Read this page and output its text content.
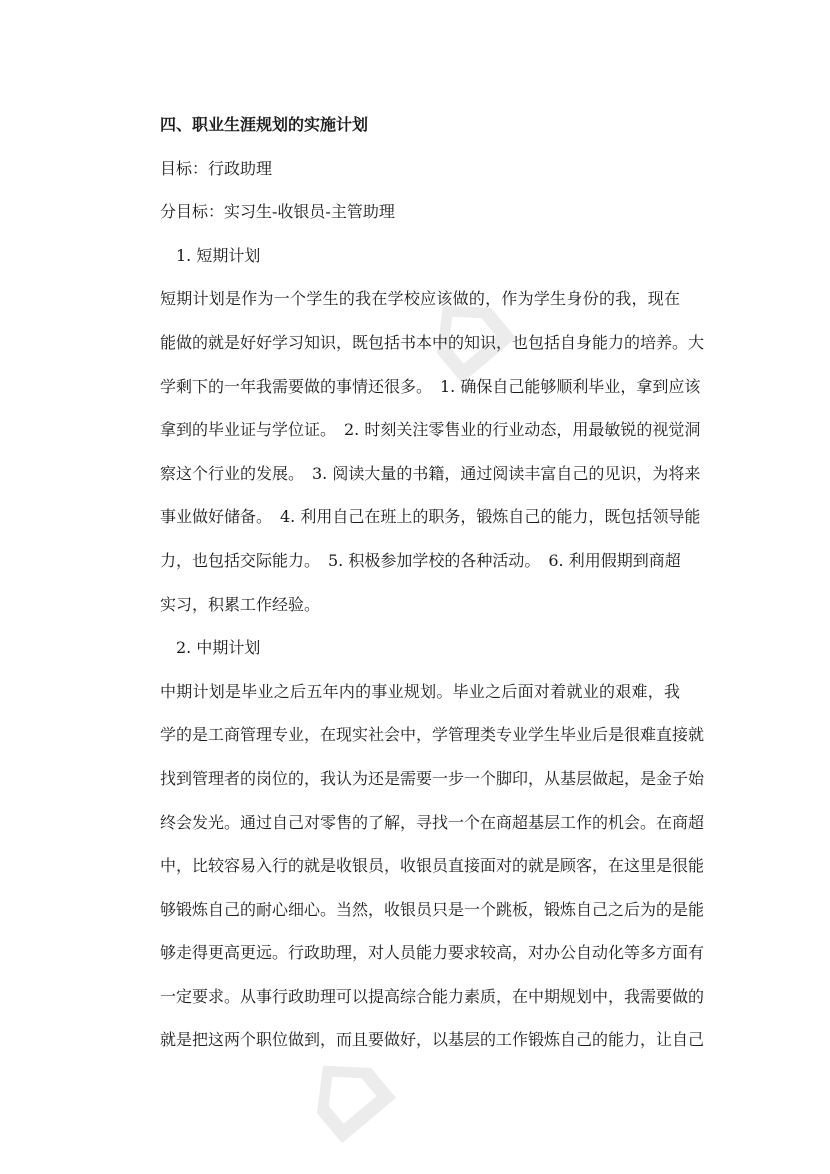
⌂
⌂
四、职业生涯规划的实施计划
目标：行政助理
分目标：实习生-收银员-主管助理
1. 短期计划
短期计划是作为一个学生的我在学校应该做的，作为学生身份的我，现在
能做的就是好好学习知识，既包括书本中的知识，也包括自身能力的培养。大
学剩下的一年我需要做的事情还很多。　1. 确保自己能够顺利毕业，拿到应该
拿到的毕业证与学位证。　2. 时刻关注零售业的行业动态，用最敏锐的视觉洞
察这个行业的发展。　3. 阅读大量的书籍，通过阅读丰富自己的见识，为将来
事业做好储备。　4. 利用自己在班上的职务，锻炼自己的能力，既包括领导能
力，也包括交际能力。　5. 积极参加学校的各种活动。　6. 利用假期到商超
实习，积累工作经验。
2. 中期计划
中期计划是毕业之后五年内的事业规划。毕业之后面对着就业的艰难，我
学的是工商管理专业，在现实社会中，学管理类专业学生毕业后是很难直接就
找到管理者的岗位的，我认为还是需要一步一个脚印，从基层做起，是金子始
终会发光。通过自己对零售的了解，寻找一个在商超基层工作的机会。在商超
中，比较容易入行的就是收银员，收银员直接面对的就是顾客，在这里是很能
够锻炼自己的耐心细心。当然，收银员只是一个跳板，锻炼自己之后为的是能
够走得更高更远。行政助理，对人员能力要求较高，对办公自动化等多方面有
一定要求。从事行政助理可以提高综合能力素质，在中期规划中，我需要做的
就是把这两个职位做到，而且要做好，以基层的工作锻炼自己的能力，让自己
